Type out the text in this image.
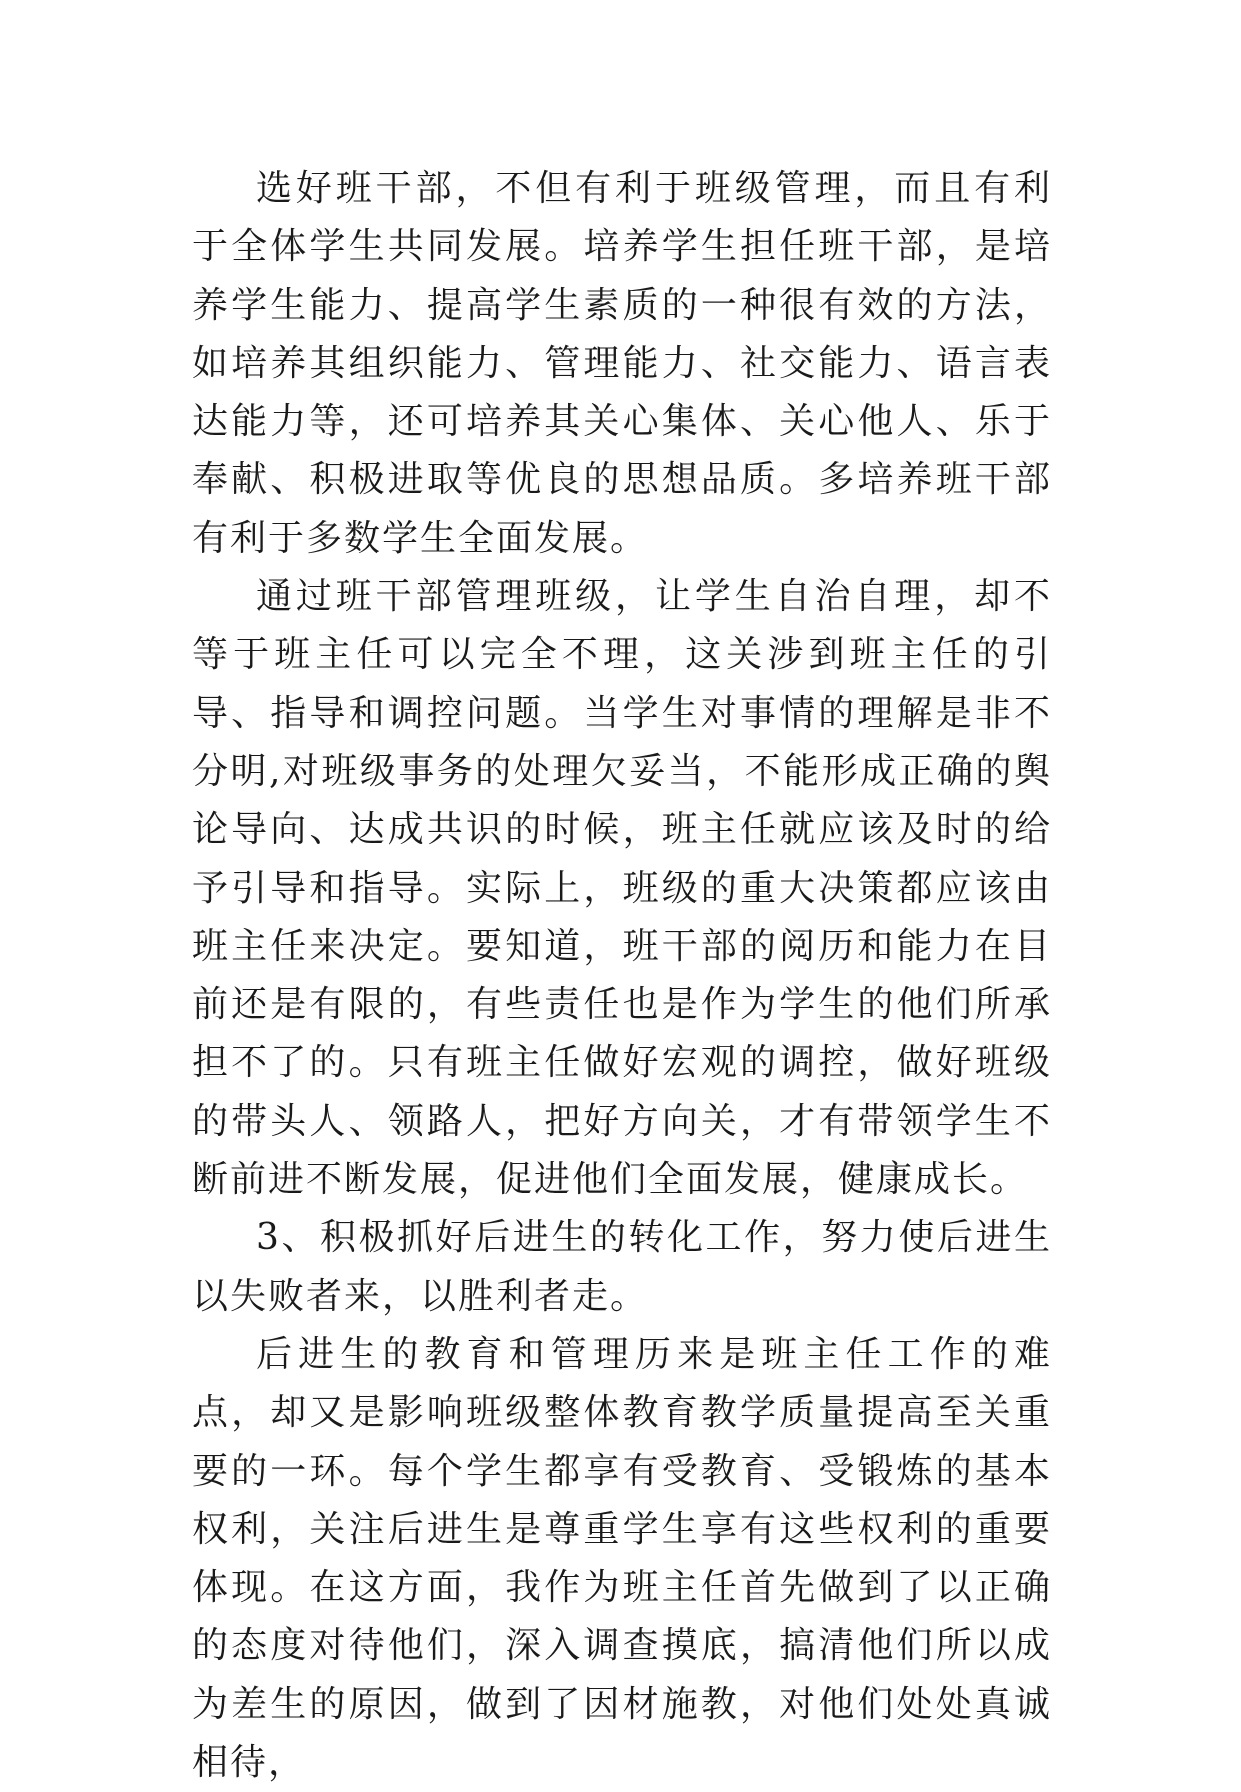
选好班干部，不但有利于班级管理，而且有利于全体学生共同发展。培养学生担任班干部，是培养学生能力、提高学生素质的一种很有效的方法，如培养其组织能力、管理能力、社交能力、语言表达能力等，还可培养其关心集体、关心他人、乐于奉献、积极进取等优良的思想品质。多培养班干部有利于多数学生全面发展。

通过班干部管理班级，让学生自治自理，却不等于班主任可以完全不理，这关涉到班主任的引导、指导和调控问题。当学生对事情的理解是非不分明,对班级事务的处理欠妥当，不能形成正确的舆论导向、达成共识的时候，班主任就应该及时的给予引导和指导。实际上，班级的重大决策都应该由班主任来决定。要知道，班干部的阅历和能力在目前还是有限的，有些责任也是作为学生的他们所承担不了的。只有班主任做好宏观的调控，做好班级的带头人、领路人，把好方向关，才有带领学生不断前进不断发展，促进他们全面发展，健康成长。

3、积极抓好后进生的转化工作，努力使后进生以失败者来，以胜利者走。

后进生的教育和管理历来是班主任工作的难点，却又是影响班级整体教育教学质量提高至关重要的一环。每个学生都享有受教育、受锻炼的基本权利，关注后进生是尊重学生享有这些权利的重要体现。在这方面，我作为班主任首先做到了以正确的态度对待他们，深入调查摸底，搞清他们所以成为差生的原因，做到了因材施教，对他们处处真诚相待，
